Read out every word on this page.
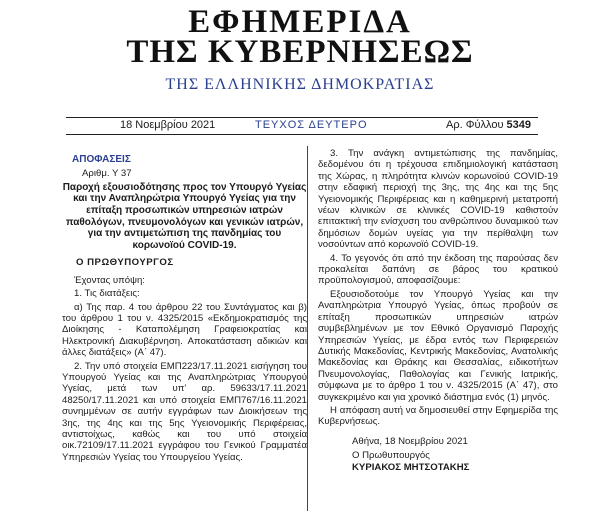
ΕΦΗΜΕΡΙΔΑ
ΤΗΣ ΚΥΒΕΡΝΗΣΕΩΣ
ΤΗΣ ΕΛΛΗΝΙΚΗΣ ΔΗΜΟΚΡΑΤΙΑΣ
18 Νοεμβρίου 2021	ΤΕΥΧΟΣ ΔΕΥΤΕΡΟ	Αρ. Φύλλου 5349
ΑΠΟΦΑΣΕΙΣ
Αριθμ. Υ 37

Παροχή εξουσιοδότησης προς τον Υπουργό Υγείας και την Αναπληρώτρια Υπουργό Υγείας για την επίταξη προσωπικών υπηρεσιών ιατρών παθολόγων, πνευμονολόγων και γενικών ιατρών, για την αντιμετώπιση της πανδημίας του κορωνοϊού COVID-19.

Ο ΠΡΩΘΥΠΟΥΡΓΟΣ

Έχοντας υπόψη:

1. Τις διατάξεις:

α) Της παρ. 4 του άρθρου 22 του Συντάγματος και β) του άρθρου 1 του ν. 4325/2015 «Εκδημοκρατισμός της Διοίκησης - Καταπολέμηση Γραφειοκρατίας και Ηλεκτρονική Διακυβέρνηση. Αποκατάσταση αδικιών και άλλες διατάξεις» (Α΄ 47).

2. Την υπό στοιχεία ΕΜΠ223/17.11.2021 εισήγηση του Υπουργού Υγείας και της Αναπληρώτριας Υπουργού Υγείας, μετά των υπ' αρ. 59633/17.11.2021 48250/17.11.2021 και υπό στοιχεία ΕΜΠ767/16.11.2021 συνημμένων σε αυτήν εγγράφων των Διοικήσεων της 3ης, της 4ης και της 5ης Υγειονομικής Περιφέρειας, αντιστοίχως, καθώς και του υπό στοιχεία οικ.72109/17.11.2021 εγγράφου του Γενικού Γραμματέα Υπηρεσιών Υγείας του Υπουργείου Υγείας.

3. Την ανάγκη αντιμετώπισης της πανδημίας, δεδομένου ότι η τρέχουσα επιδημιολογική κατάσταση της Χώρας, η πληρότητα κλινών κορωνοϊού COVID-19 στην εδαφική περιοχή της 3ης, της 4ης και της 5ης Υγειονομικής Περιφέρειας και η καθημερινή μετατροπή νέων κλινικών σε κλινικές COVID-19 καθιστούν επιτακτική την ενίσχυση του ανθρώπινου δυναμικού των δημόσιων δομών υγείας για την περίθαλψη των νοσούντων από κορωνοϊό COVID-19.

4. Το γεγονός ότι από την έκδοση της παρούσας δεν προκαλείται δαπάνη σε βάρος του κρατικού προϋπολογισμού, αποφασίζουμε:

Εξουσιοδοτούμε τον Υπουργό Υγείας και την Αναπληρώτρια Υπουργό Υγείας, όπως προβούν σε επίταξη προσωπικών υπηρεσιών ιατρών συμβεβλημένων με τον Εθνικό Οργανισμό Παροχής Υπηρεσιών Υγείας, με έδρα εντός των Περιφερειών Δυτικής Μακεδονίας, Κεντρικής Μακεδονίας, Ανατολικής Μακεδονίας και Θράκης και Θεσσαλίας, ειδικοτήτων Πνευμονολογίας, Παθολογίας και Γενικής Ιατρικής, σύμφωνα με το άρθρο 1 του ν. 4325/2015 (Α΄ 47), στο συγκεκριμένο και για χρονικό διάστημα ενός (1) μηνός.

Η απόφαση αυτή να δημοσιευθεί στην Εφημερίδα της Κυβερνήσεως.

Αθήνα, 18 Νοεμβρίου 2021
Ο Πρωθυπουργός
ΚΥΡΙΑΚΟΣ ΜΗΤΣΟΤΑΚΗΣ
